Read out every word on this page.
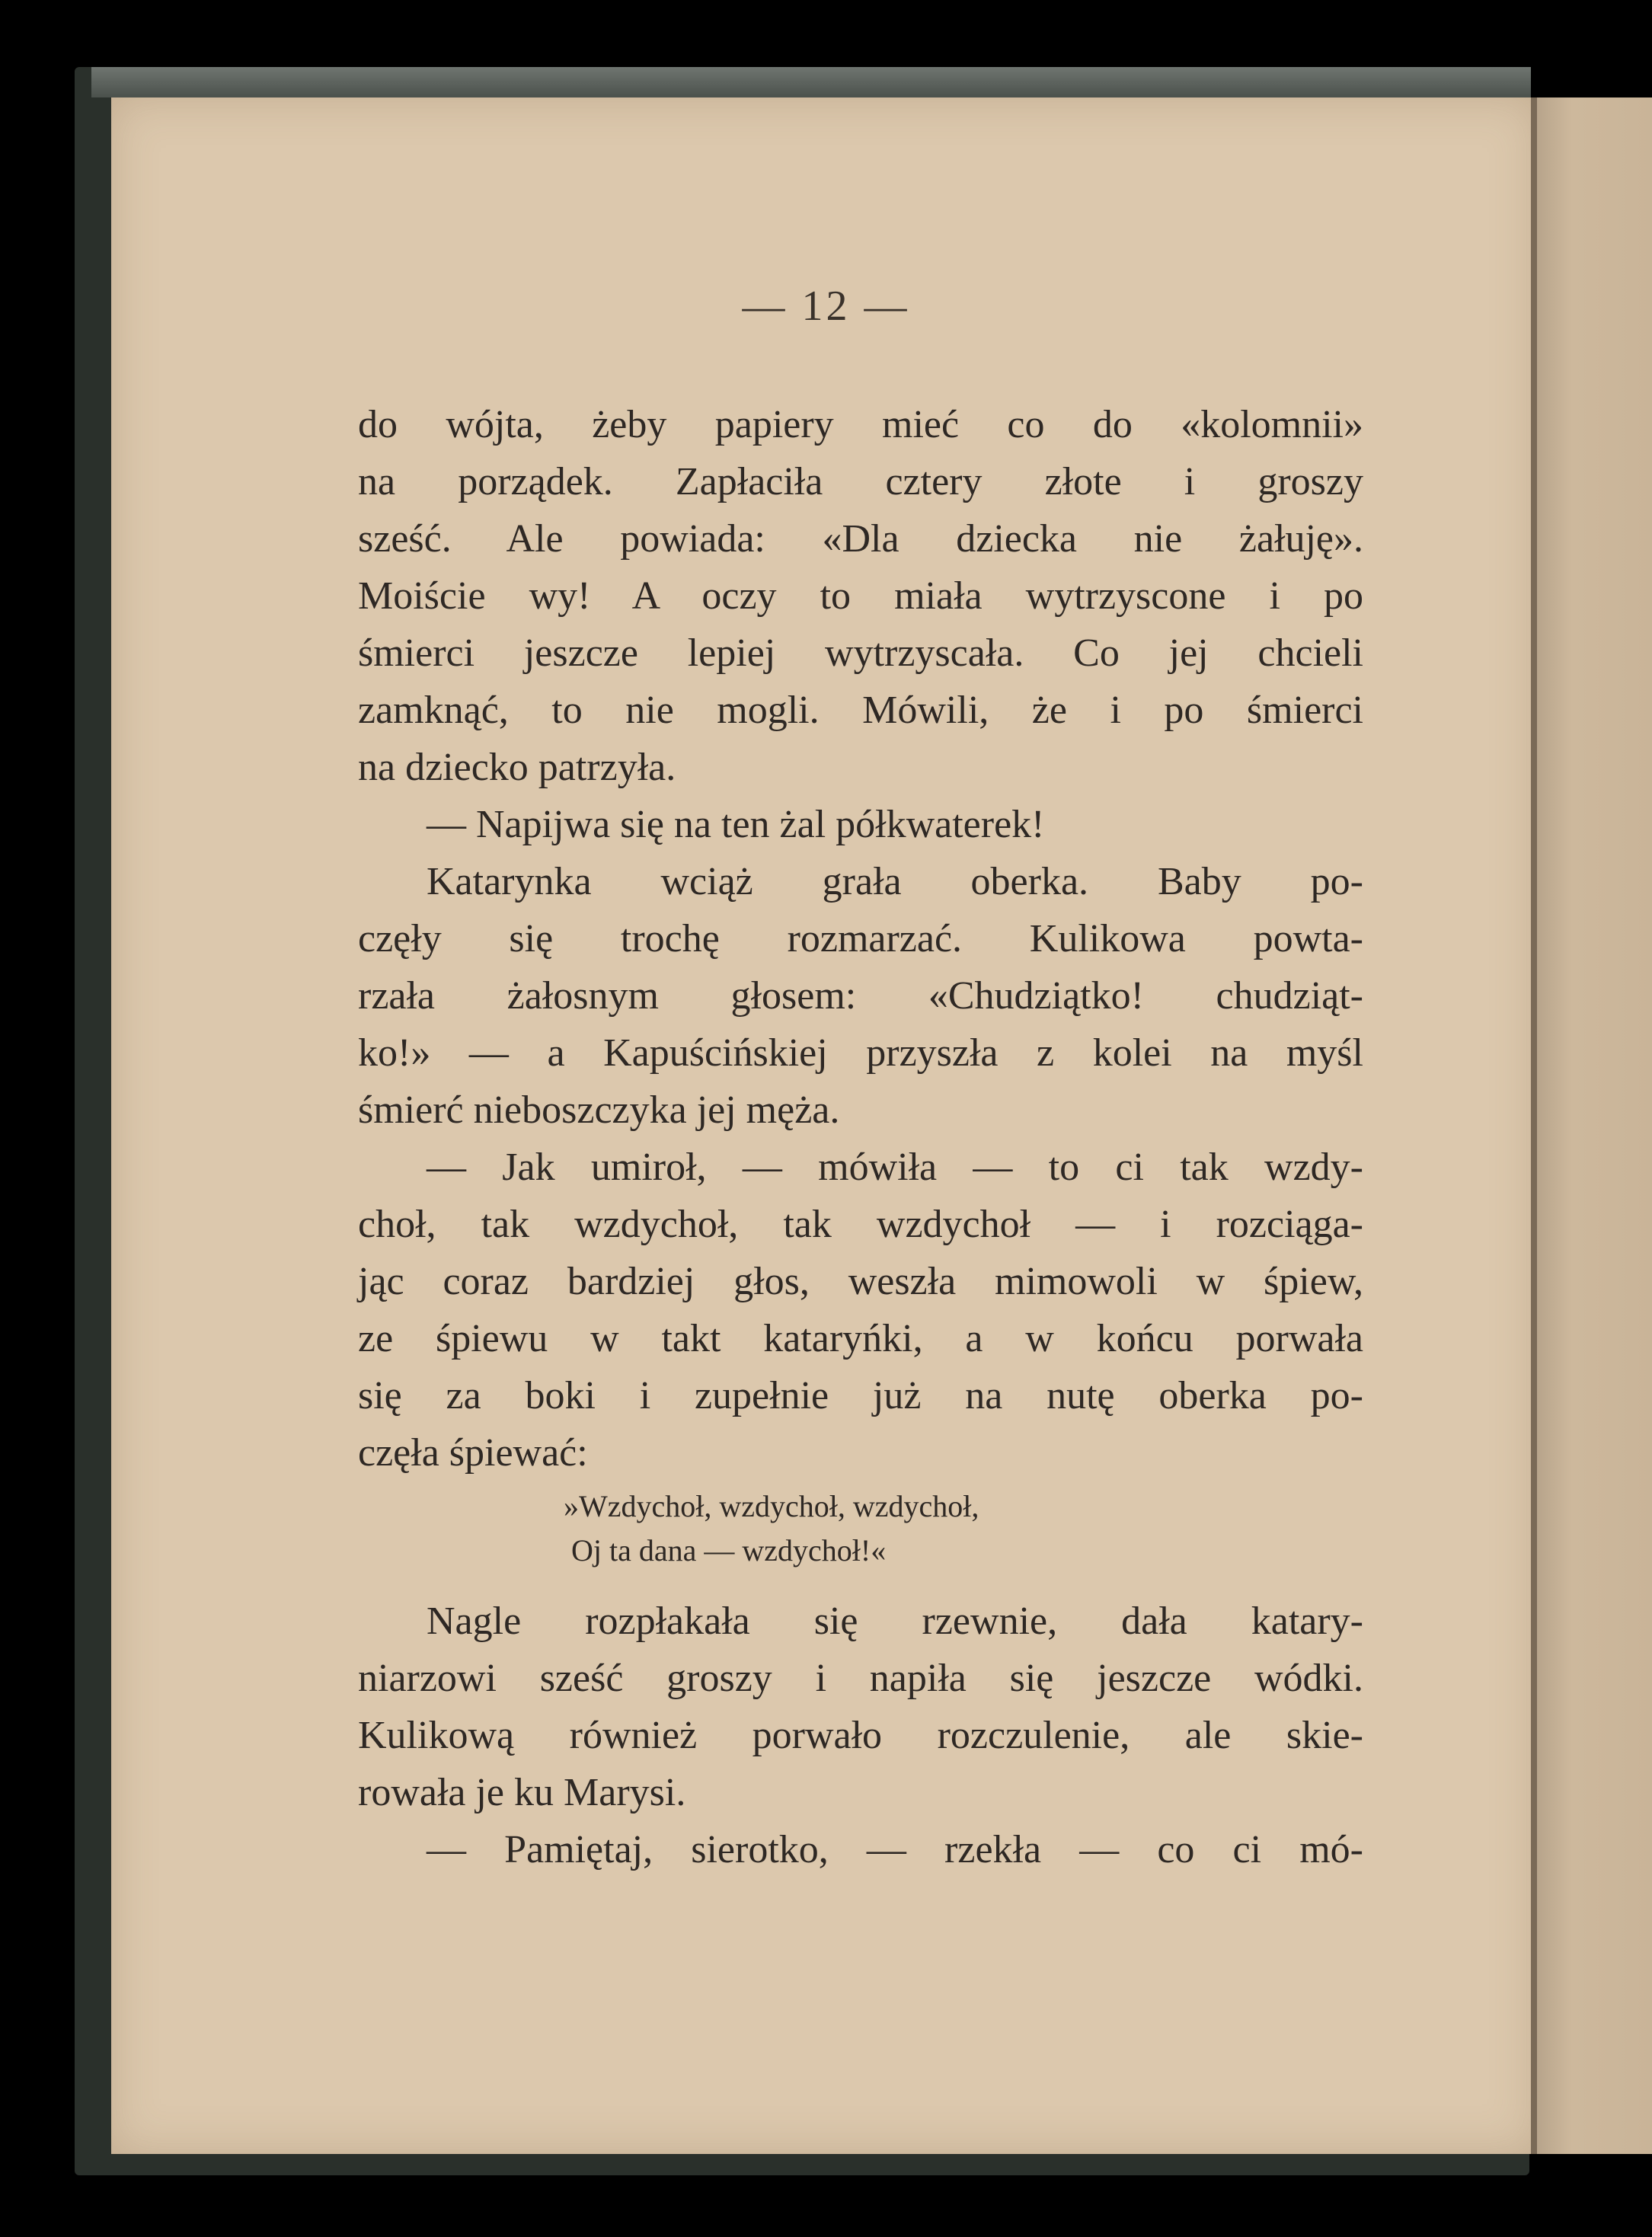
— 12 —
do wójta, żeby papiery mieć co do «kolomnii»
na porządek. Zapłaciła cztery złote i groszy
sześć. Ale powiada: «Dla dziecka nie żałuję».
Moiście wy! A oczy to miała wytrzyscone i po
śmierci jeszcze lepiej wytrzyscała. Co jej chcieli
zamknąć, to nie mogli. Mówili, że i po śmierci
na dziecko patrzyła.
— Napijwa się na ten żal półkwaterek!
Katarynka wciąż grała oberka. Baby po-
częły się trochę rozmarzać. Kulikowa powta-
rzała żałosnym głosem: «Chudziątko! chudziąt-
ko!» — a Kapuścińskiej przyszła z kolei na myśl
śmierć nieboszczyka jej męża.
— Jak umiroł, — mówiła — to ci tak wzdy-
choł, tak wzdychoł, tak wzdychoł — i rozciąga-
jąc coraz bardziej głos, weszła mimowoli w śpiew,
ze śpiewu w takt kataryńki, a w końcu porwała
się za boki i zupełnie już na nutę oberka po-
częła śpiewać:
»Wzdychoł, wzdychoł, wzdychoł,
Oj ta dana — wzdychoł!«
Nagle rozpłakała się rzewnie, dała katary-
niarzowi sześć groszy i napiła się jeszcze wódki.
Kulikową również porwało rozczulenie, ale skie-
rowała je ku Marysi.
— Pamiętaj, sierotko, — rzekła — co ci mó-
